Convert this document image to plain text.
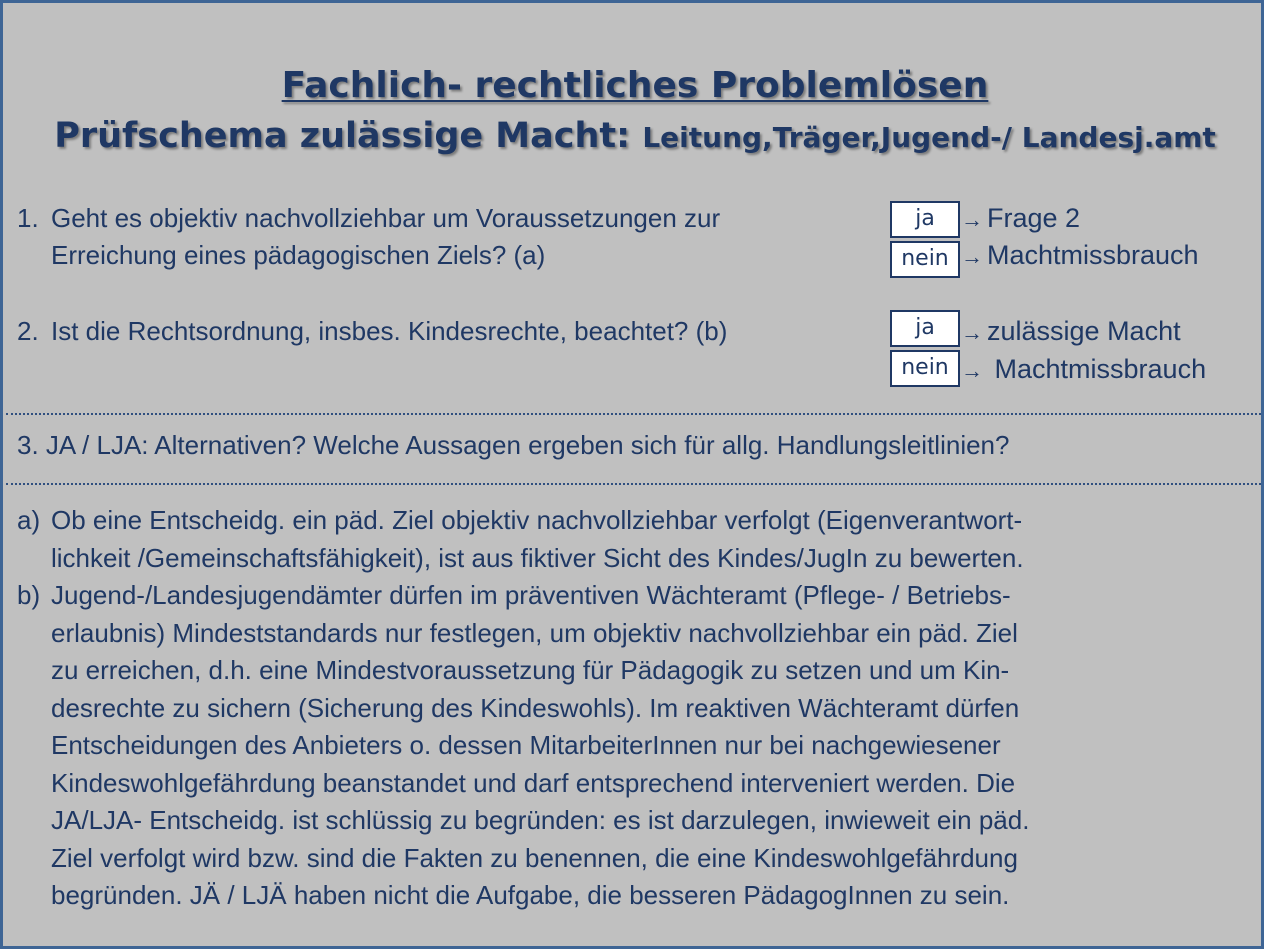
Fachlich- rechtliches Problemlösen
Prüfschema zulässige Macht: Leitung,Träger,Jugend-/ Landesj.amt
1. Geht es objektiv nachvollziehbar um Voraussetzungen zur
Erreichung eines pädagogischen Ziels? (a)
ja	→ Frage 2
nein → Machtmissbrauch
2. Ist die Rechtsordnung, insbes. Kindesrechte, beachtet? (b)	ja	→ zulässige Macht
nein → Machtmissbrauch
3. JA / LJA: Alternativen? Welche Aussagen ergeben sich für allg. Handlungsleitlinien?
a) Ob eine Entscheidg. ein päd. Ziel objektiv nachvollziehbar verfolgt (Eigenverantwort-
lichkeit /Gemeinschaftsfähigkeit), ist aus fiktiver Sicht des Kindes/JugIn zu bewerten.
b) Jugend-/Landesjugendämter dürfen im präventiven Wächteramt (Pflege- / Betriebs-
erlaubnis) Mindeststandards nur festlegen, um objektiv nachvollziehbar ein päd. Ziel
zu erreichen, d.h. eine Mindestvoraussetzung für Pädagogik zu setzen und um Kin-
desrechte zu sichern (Sicherung des Kindeswohls). Im reaktiven Wächteramt dürfen
Entscheidungen des Anbieters o. dessen MitarbeiterInnen nur bei nachgewiesener
Kindeswohlgefährdung beanstandet und darf entsprechend interveniert werden. Die
JA/LJA- Entscheidg. ist schlüssig zu begründen: es ist darzulegen, inwieweit ein päd.
Ziel verfolgt wird bzw. sind die Fakten zu benennen, die eine Kindeswohlgefährdung
begründen. JÄ / LJÄ haben nicht die Aufgabe, die besseren PädagogInnen zu sein.
